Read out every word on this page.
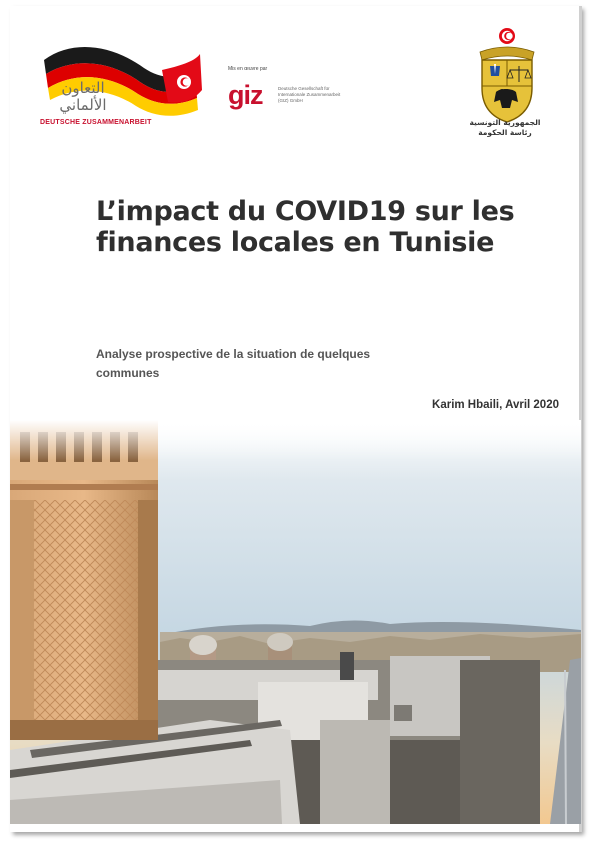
التعاون الألماني
DEUTSCHE ZUSAMMENARBEIT
Mis en œuvre par
giz	Deutsche Gesellschaft für Internationale Zusammenarbeit (GIZ) GmbH
الجمهورية التونسية
رئاسة الحكومة
L’impact du COVID19 sur les finances locales en Tunisie

Analyse prospective de la situation de quelques communes

Karim Hbaili, Avril 2020
